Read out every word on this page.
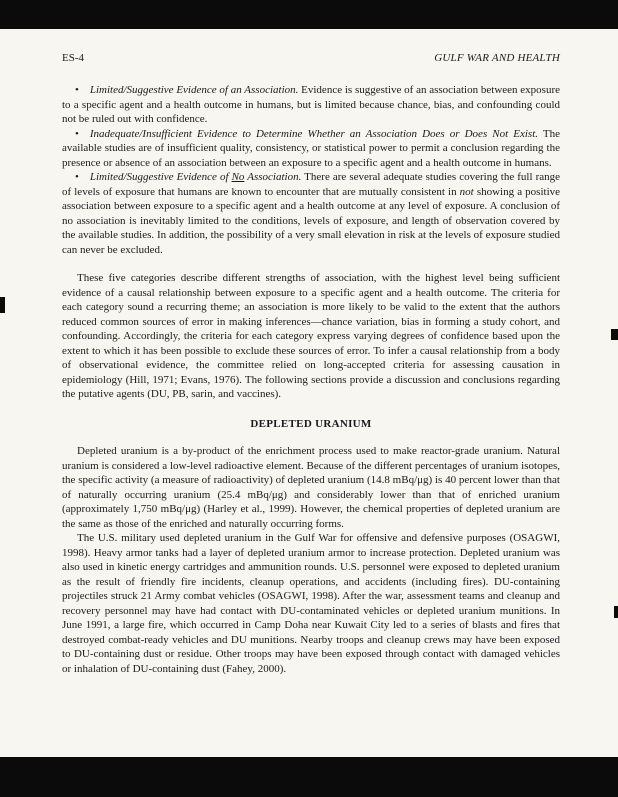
ES-4	GULF WAR AND HEALTH

•  Limited/Suggestive Evidence of an Association. Evidence is suggestive of an association between exposure to a specific agent and a health outcome in humans, but is limited because chance, bias, and confounding could not be ruled out with confidence.

•  Inadequate/Insufficient Evidence to Determine Whether an Association Does or Does Not Exist. The available studies are of insufficient quality, consistency, or statistical power to permit a conclusion regarding the presence or absence of an association between an exposure to a specific agent and a health outcome in humans.

•  Limited/Suggestive Evidence of No Association. There are several adequate studies covering the full range of levels of exposure that humans are known to encounter that are mutually consistent in not showing a positive association between exposure to a specific agent and a health outcome at any level of exposure. A conclusion of no association is inevitably limited to the conditions, levels of exposure, and length of observation covered by the available studies. In addition, the possibility of a very small elevation in risk at the levels of exposure studied can never be excluded.

These five categories describe different strengths of association, with the highest level being sufficient evidence of a causal relationship between exposure to a specific agent and a health outcome. The criteria for each category sound a recurring theme; an association is more likely to be valid to the extent that the authors reduced common sources of error in making inferences—chance variation, bias in forming a study cohort, and confounding. Accordingly, the criteria for each category express varying degrees of confidence based upon the extent to which it has been possible to exclude these sources of error. To infer a causal relationship from a body of observational evidence, the committee relied on long-accepted criteria for assessing causation in epidemiology (Hill, 1971; Evans, 1976). The following sections provide a discussion and conclusions regarding the putative agents (DU, PB, sarin, and vaccines).

DEPLETED URANIUM

Depleted uranium is a by-product of the enrichment process used to make reactor-grade uranium. Natural uranium is considered a low-level radioactive element. Because of the different percentages of uranium isotopes, the specific activity (a measure of radioactivity) of depleted uranium (14.8 mBq/μg) is 40 percent lower than that of naturally occurring uranium (25.4 mBq/μg) and considerably lower than that of enriched uranium (approximately 1,750 mBq/μg) (Harley et al., 1999). However, the chemical properties of depleted uranium are the same as those of the enriched and naturally occurring forms.

The U.S. military used depleted uranium in the Gulf War for offensive and defensive purposes (OSAGWI, 1998). Heavy armor tanks had a layer of depleted uranium armor to increase protection. Depleted uranium was also used in kinetic energy cartridges and ammunition rounds. U.S. personnel were exposed to depleted uranium as the result of friendly fire incidents, cleanup operations, and accidents (including fires). DU-containing projectiles struck 21 Army combat vehicles (OSAGWI, 1998). After the war, assessment teams and cleanup and recovery personnel may have had contact with DU-contaminated vehicles or depleted uranium munitions. In June 1991, a large fire, which occurred in Camp Doha near Kuwait City led to a series of blasts and fires that destroyed combat-ready vehicles and DU munitions. Nearby troops and cleanup crews may have been exposed to DU-containing dust or residue. Other troops may have been exposed through contact with damaged vehicles or inhalation of DU-containing dust (Fahey, 2000).
